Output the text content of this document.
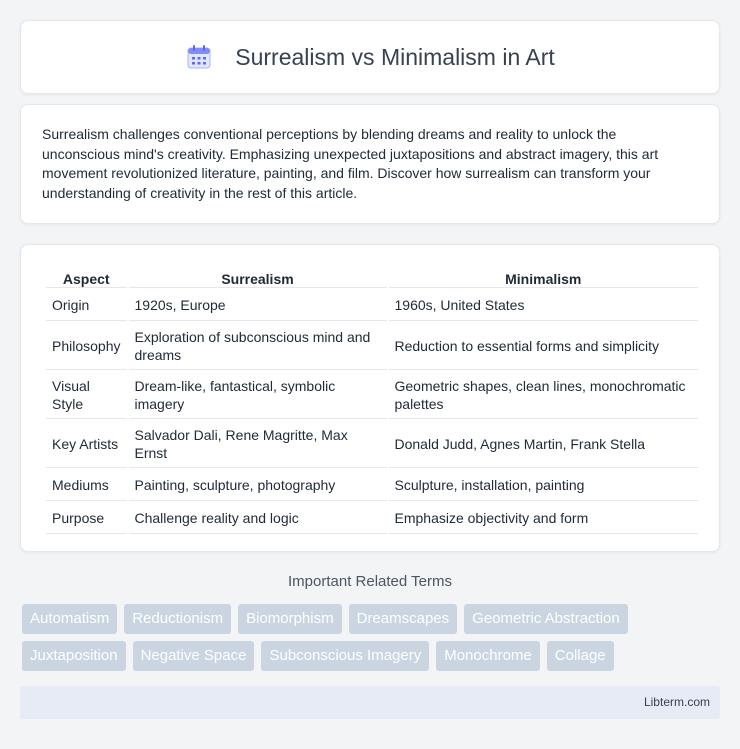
Surrealism vs Minimalism in Art

Surrealism challenges conventional perceptions by blending dreams and reality to unlock the unconscious mind's creativity. Emphasizing unexpected juxtapositions and abstract imagery, this art movement revolutionized literature, painting, and film. Discover how surrealism can transform your understanding of creativity in the rest of this article.

Aspect	Surrealism	Minimalism
Origin	1920s, Europe	1960s, United States
Philosophy	Exploration of subconscious mind and dreams	Reduction to essential forms and simplicity
Visual Style	Dream-like, fantastical, symbolic imagery	Geometric shapes, clean lines, monochromatic palettes
Key Artists	Salvador Dali, Rene Magritte, Max Ernst	Donald Judd, Agnes Martin, Frank Stella
Mediums	Painting, sculpture, photography	Sculpture, installation, painting
Purpose	Challenge reality and logic	Emphasize objectivity and form
Important Related Terms
Automatism	Reductionism	Biomorphism	Dreamscapes	Geometric Abstraction
Juxtaposition	Negative Space	Subconscious Imagery	Monochrome	Collage
Libterm.com
